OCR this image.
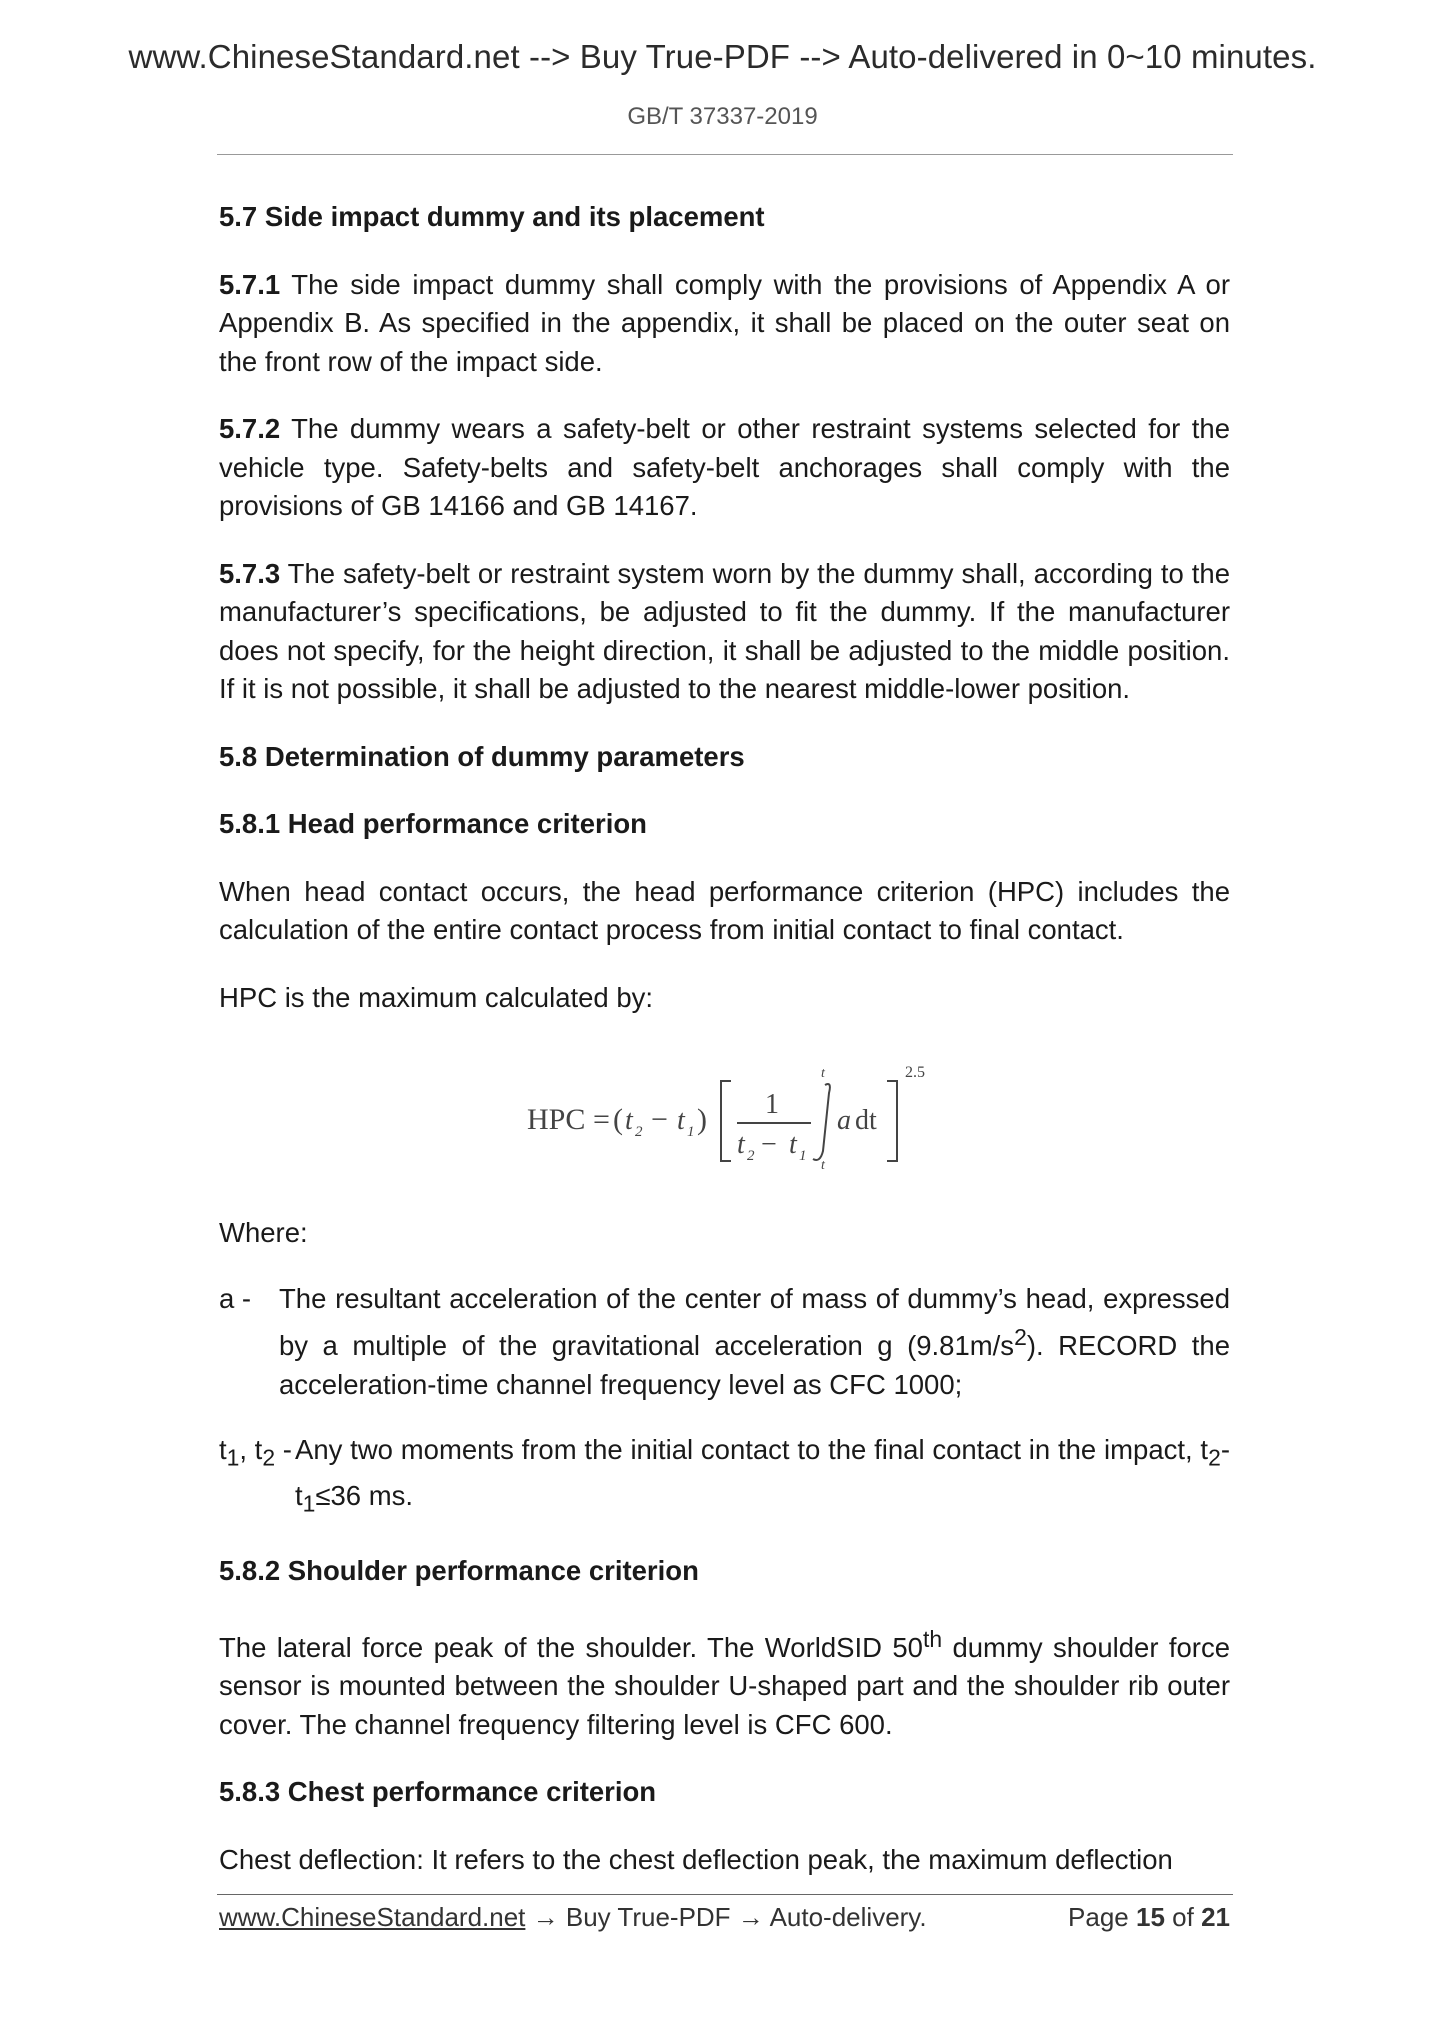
www.ChineseStandard.net --> Buy True-PDF --> Auto-delivered in 0~10 minutes.
GB/T 37337-2019

5.7 Side impact dummy and its placement

5.7.1 The side impact dummy shall comply with the provisions of Appendix A or Appendix B. As specified in the appendix, it shall be placed on the outer seat on the front row of the impact side.

5.7.2 The dummy wears a safety-belt or other restraint systems selected for the vehicle type. Safety-belts and safety-belt anchorages shall comply with the provisions of GB 14166 and GB 14167.

5.7.3 The safety-belt or restraint system worn by the dummy shall, according to the manufacturer’s specifications, be adjusted to fit the dummy. If the manufacturer does not specify, for the height direction, it shall be adjusted to the middle position. If it is not possible, it shall be adjusted to the nearest middle-lower position.

5.8 Determination of dummy parameters

5.8.1 Head performance criterion

When head contact occurs, the head performance criterion (HPC) includes the calculation of the entire contact process from initial contact to final contact.

HPC is the maximum calculated by:

HPC = ( t 2 − t 1 ) 1
t 2 − t 1
t
t
a dt
2.5

Where:

a -	The resultant acceleration of the center of mass of dummy’s head, expressed by a multiple of the gravitational acceleration g $(9.81m/s^2)$. RECORD the acceleration-time channel frequency level as CFC 1000;
$t_1$, $t_2$ - Any two moments from the initial contact to the final contact in the impact, $t_2-t_1\le 36$ ms.

5.8.2 Shoulder performance criterion

The lateral force peak of the shoulder. The WorldSID 50th dummy shoulder force sensor is mounted between the shoulder U-shaped part and the shoulder rib outer cover. The channel frequency filtering level is CFC 600.

5.8.3 Chest performance criterion

Chest deflection: It refers to the chest deflection peak, the maximum deflection

www.ChineseStandard.net → Buy True-PDF → Auto-delivery.	Page 15 of 21
